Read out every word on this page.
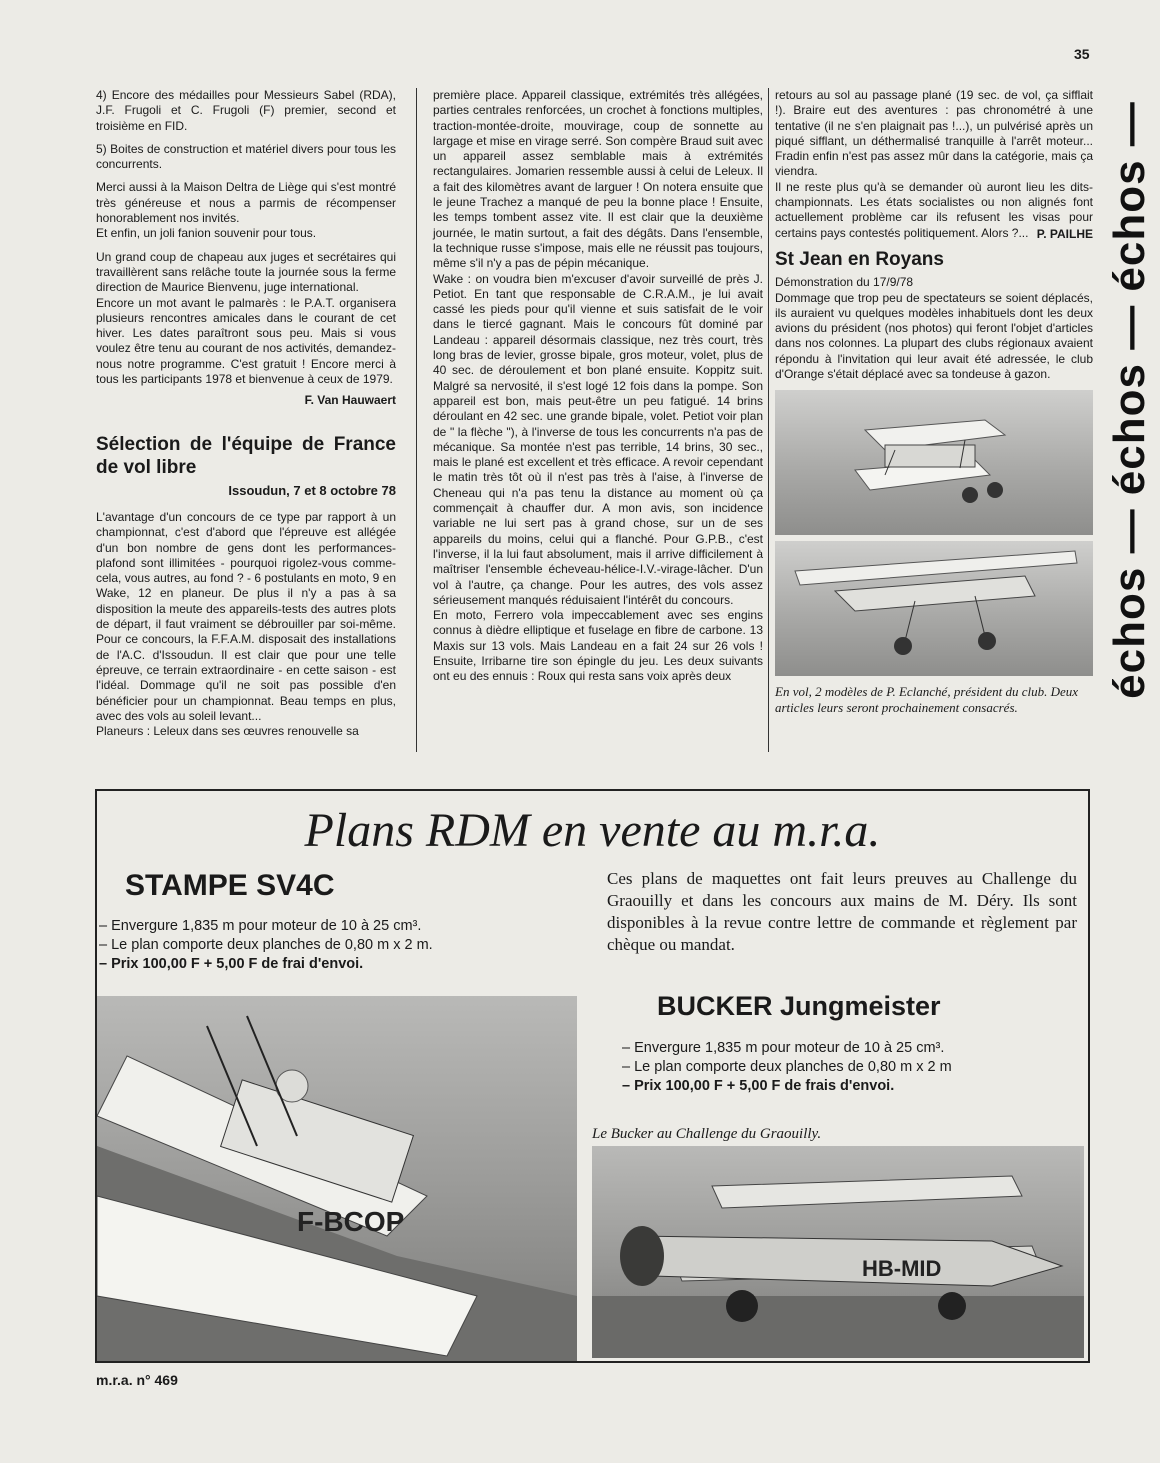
35

4) Encore des médailles pour Messieurs Sabel (RDA), J.F. Frugoli et C. Frugoli (F) premier, second et troisième en FID.

5) Boites de construction et matériel divers pour tous les concurrents.

Merci aussi à la Maison Deltra de Liège qui s'est montré très généreuse et nous a parmis de récompenser honorablement nos invités.

Et enfin, un joli fanion souvenir pour tous.

Un grand coup de chapeau aux juges et secrétaires qui travaillèrent sans relâche toute la journée sous la ferme direction de Maurice Bienvenu, juge international.

Encore un mot avant le palmarès : le P.A.T. organisera plusieurs rencontres amicales dans le courant de cet hiver. Les dates paraîtront sous peu. Mais si vous voulez être tenu au courant de nos activités, demandez-nous notre programme. C'est gratuit ! Encore merci à tous les participants 1978 et bienvenue à ceux de 1979.

F. Van Hauwaert
Sélection de l'équipe de France de vol libre
Issoudun, 7 et 8 octobre 78

L'avantage d'un concours de ce type par rapport à un championnat, c'est d'abord que l'épreuve est allégée d'un bon nombre de gens dont les performances-plafond sont illimitées - pourquoi rigolez-vous comme-cela, vous autres, au fond ? - 6 postulants en moto, 9 en Wake, 12 en planeur. De plus il n'y a pas à sa disposition la meute des appareils-tests des autres plots de départ, il faut vraiment se débrouiller par soi-même. Pour ce concours, la F.F.A.M. disposait des installations de l'A.C. d'Issoudun. Il est clair que pour une telle épreuve, ce terrain extraordinaire - en cette saison - est l'idéal. Dommage qu'il ne soit pas possible d'en bénéficier pour un championnat. Beau temps en plus, avec des vols au soleil levant...

Planeurs : Leleux dans ses œuvres renouvelle sa

première place. Appareil classique, extrémités très allégées, parties centrales renforcées, un crochet à fonctions multiples, traction-montée-droite, mouvirage, coup de sonnette au largage et mise en virage serré. Son compère Braud suit avec un appareil assez semblable mais à extrémités rectangulaires. Jomarien ressemble aussi à celui de Leleux. Il a fait des kilomètres avant de larguer ! On notera ensuite que le jeune Trachez a manqué de peu la bonne place ! Ensuite, les temps tombent assez vite. Il est clair que la deuxième journée, le matin surtout, a fait des dégâts. Dans l'ensemble, la technique russe s'impose, mais elle ne réussit pas toujours, même s'il n'y a pas de pépin mécanique.

Wake : on voudra bien m'excuser d'avoir surveillé de près J. Petiot. En tant que responsable de C.R.A.M., je lui avait cassé les pieds pour qu'il vienne et suis satisfait de le voir dans le tiercé gagnant. Mais le concours fût dominé par Landeau : appareil désormais classique, nez très court, très long bras de levier, grosse bipale, gros moteur, volet, plus de 40 sec. de déroulement et bon plané ensuite. Koppitz suit. Malgré sa nervosité, il s'est logé 12 fois dans la pompe. Son appareil est bon, mais peut-être un peu fatigué. 14 brins déroulant en 42 sec. une grande bipale, volet. Petiot voir plan de " la flèche "), à l'inverse de tous les concurrents n'a pas de mécanique. Sa montée n'est pas terrible, 14 brins, 30 sec., mais le plané est excellent et très efficace. A revoir cependant le matin très tôt où il n'est pas très à l'aise, à l'inverse de Cheneau qui n'a pas tenu la distance au moment où ça commençait à chauffer dur. A mon avis, son incidence variable ne lui sert pas à grand chose, sur un de ses appareils du moins, celui qui a flanché. Pour G.P.B., c'est l'inverse, il la lui faut absolument, mais il arrive difficilement à maîtriser l'ensemble écheveau-hélice-I.V.-virage-lâcher. D'un vol à l'autre, ça change. Pour les autres, des vols assez sérieusement manqués réduisaient l'intérêt du concours.

En moto, Ferrero vola impeccablement avec ses engins connus à dièdre elliptique et fuselage en fibre de carbone. 13 Maxis sur 13 vols. Mais Landeau en a fait 24 sur 26 vols ! Ensuite, Irribarne tire son épingle du jeu. Les deux suivants ont eu des ennuis : Roux qui resta sans voix après deux

retours au sol au passage plané (19 sec. de vol, ça sifflait !). Braire eut des aventures : pas chronométré à une tentative (il ne s'en plaignait pas !...), un pulvérisé après un piqué sifflant, un déthermalisé tranquille à l'arrêt moteur... Fradin enfin n'est pas assez mûr dans la catégorie, mais ça viendra.

Il ne reste plus qu'à se demander où auront lieu les dits-championnats. Les états socialistes ou non alignés font actuellement problème car ils refusent les visas pour certains pays contestés politiquement. Alors ?... P. PAILHE
St Jean en Royans

Démonstration du 17/9/78

Dommage que trop peu de spectateurs se soient déplacés, ils auraient vu quelques modèles inhabituels dont les deux avions du président (nos photos) qui feront l'objet d'articles dans nos colonnes. La plupart des clubs régionaux avaient répondu à l'invitation qui leur avait été adressée, le club d'Orange s'était déplacé avec sa tondeuse à gazon.

En vol, 2 modèles de P. Eclanché, président du club. Deux articles leurs seront prochainement consacrés.
échos — échos — échos —
Plans RDM en vente au m.r.a.
STAMPE SV4C
– Envergure 1,835 m pour moteur de 10 à 25 cm³.
– Le plan comporte deux planches de 0,80 m x 2 m.
– Prix 100,00 F + 5,00 F de frai d'envoi.
Ces plans de maquettes ont fait leurs preuves au Challenge du Graouilly et dans les concours aux mains de M. Déry. Ils sont disponibles à la revue contre lettre de commande et règlement par chèque ou mandat.
BUCKER Jungmeister
– Envergure 1,835 m pour moteur de 10 à 25 cm³.
– Le plan comporte deux planches de 0,80 m x 2 m
– Prix 100,00 F + 5,00 F de frais d'envoi.
F-BCOP
Le Bucker au Challenge du Graouilly.
HB-MID
m.r.a. n° 469
